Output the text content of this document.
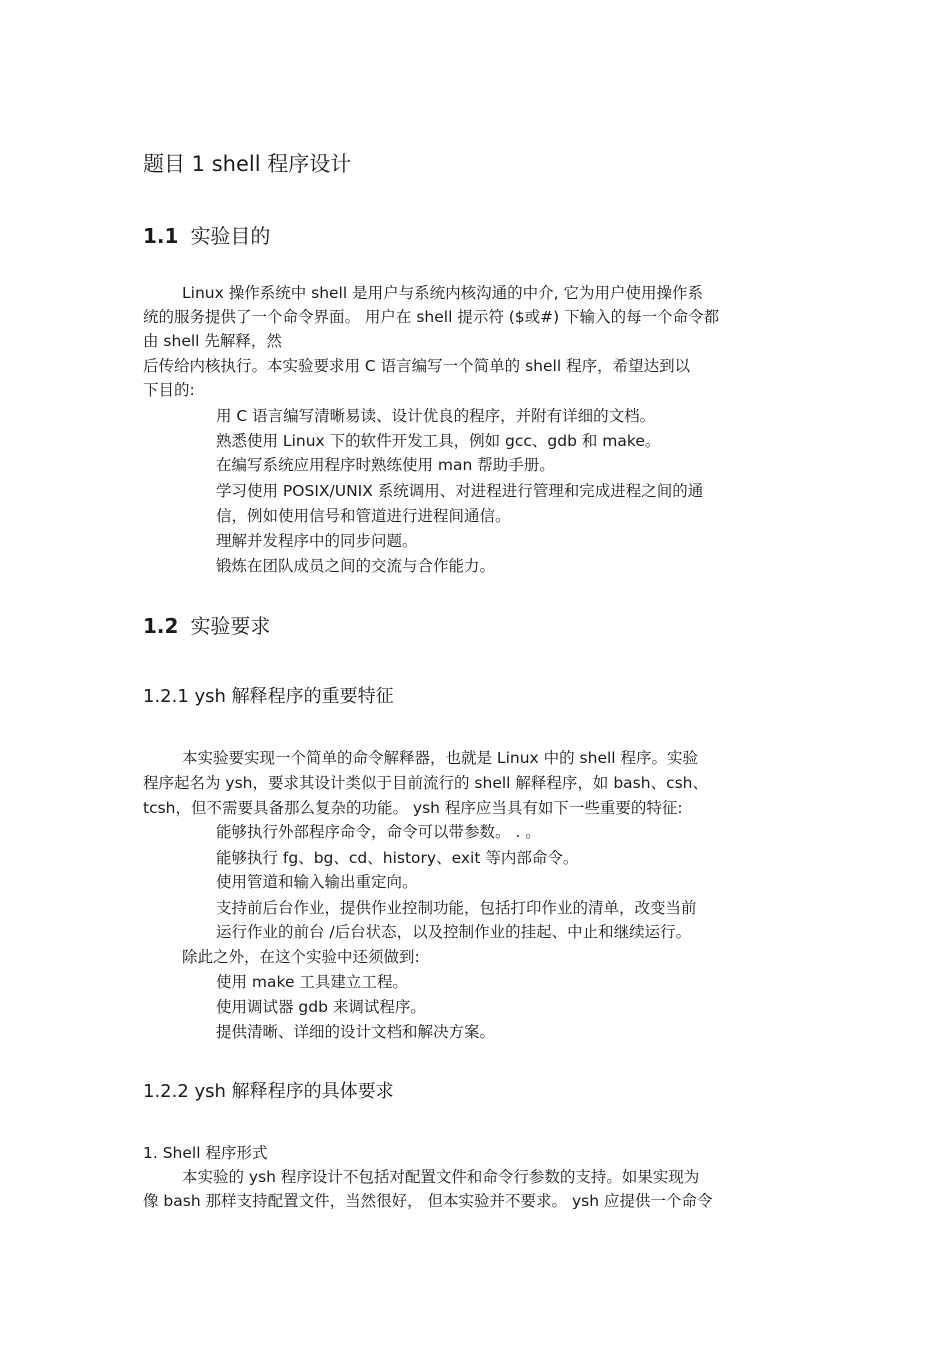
题目 1 shell 程序设计
1.1 实验目的
Linux 操作系统中 shell 是用户与系统内核沟通的中介, 它为用户使用操作系
统的服务提供了一个命令界面。 用户在 shell 提示符 ($或#) 下输入的每一个命令都
由 shell 先解释，然
后传给内核执行。本实验要求用 C 语言编写一个简单的 shell 程序，希望达到以
下目的:
用 C 语言编写清晰易读、设计优良的程序，并附有详细的文档。
熟悉使用 Linux 下的软件开发工具，例如 gcc、gdb 和 make。
在编写系统应用程序时熟练使用 man 帮助手册。
学习使用 POSIX/UNIX 系统调用、对进程进行管理和完成进程之间的通
信，例如使用信号和管道进行进程间通信。
理解并发程序中的同步问题。
锻炼在团队成员之间的交流与合作能力。
1.2 实验要求
1.2.1 ysh 解释程序的重要特征
本实验要实现一个简单的命令解释器，也就是 Linux 中的 shell 程序。实验
程序起名为 ysh，要求其设计类似于目前流行的 shell 解释程序，如 bash、csh、
tcsh，但不需要具备那么复杂的功能。 ysh 程序应当具有如下一些重要的特征:
能够执行外部程序命令，命令可以带参数。 . 。
能够执行 fg、bg、cd、history、exit 等内部命令。
使用管道和输入输出重定向。
支持前后台作业，提供作业控制功能，包括打印作业的清单，改变当前
运行作业的前台 /后台状态，以及控制作业的挂起、中止和继续运行。
除此之外，在这个实验中还须做到:
使用 make 工具建立工程。
使用调试器 gdb 来调试程序。
提供清晰、详细的设计文档和解决方案。
1.2.2 ysh 解释程序的具体要求
1. Shell 程序形式
本实验的 ysh 程序设计不包括对配置文件和命令行参数的支持。如果实现为
像 bash 那样支持配置文件，当然很好， 但本实验并不要求。 ysh 应提供一个命令
